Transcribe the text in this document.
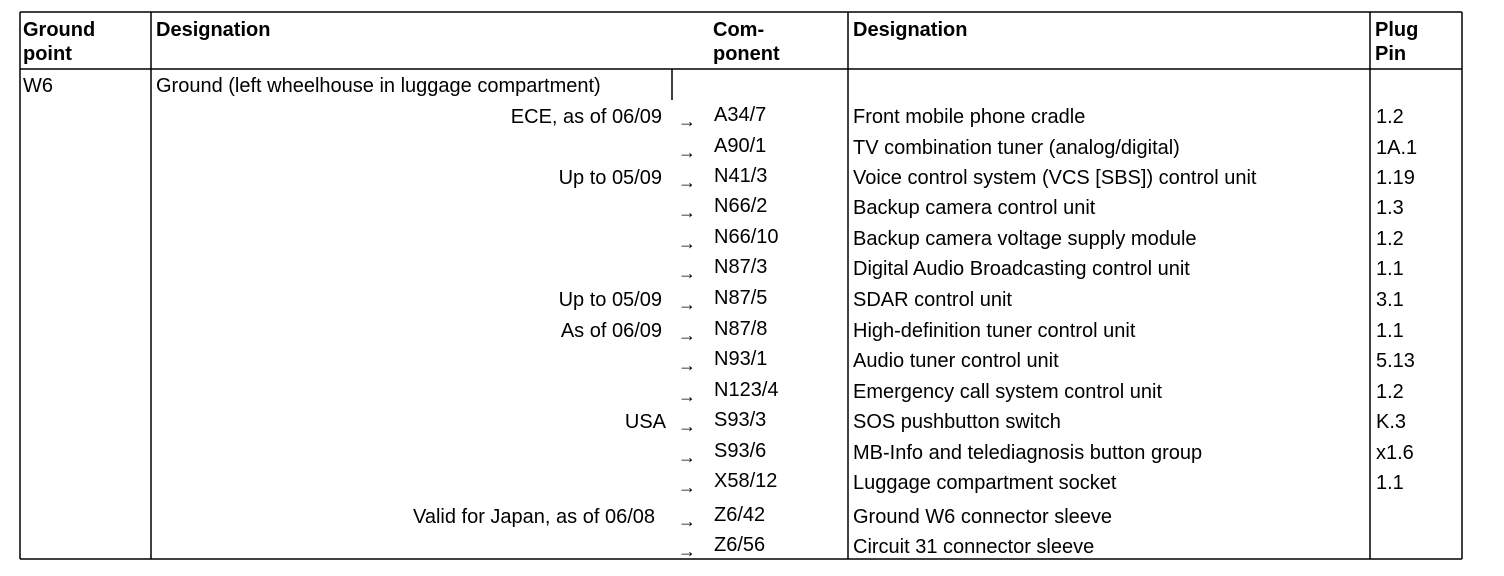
Ground
point
Designation	Com-
ponent
Designation	Plug
Pin
W6	Ground (left wheelhouse in luggage compartment)
ECE, as of 06/09 → A34/7	Front mobile phone cradle	1.2
→ A90/1	TV combination tuner (analog/digital)	1A.1
Up to 05/09 → N41/3	Voice control system (VCS [SBS]) control unit	1.19
→ N66/2	Backup camera control unit	1.3
→ N66/10	Backup camera voltage supply module	1.2
→ N87/3	Digital Audio Broadcasting control unit	1.1
Up to 05/09 → N87/5	SDAR control unit	3.1
As of 06/09 → N87/8	High-definition tuner control unit	1.1
→ N93/1	Audio tuner control unit	5.13
→ N123/4	Emergency call system control unit	1.2
USA → S93/3	SOS pushbutton switch	K.3
→ S93/6	MB-Info and telediagnosis button group	x1.6
→ X58/12	Luggage compartment socket	1.1
Valid for Japan, as of 06/08 → Z6/42	Ground W6 connector sleeve
→ Z6/56	Circuit 31 connector sleeve
